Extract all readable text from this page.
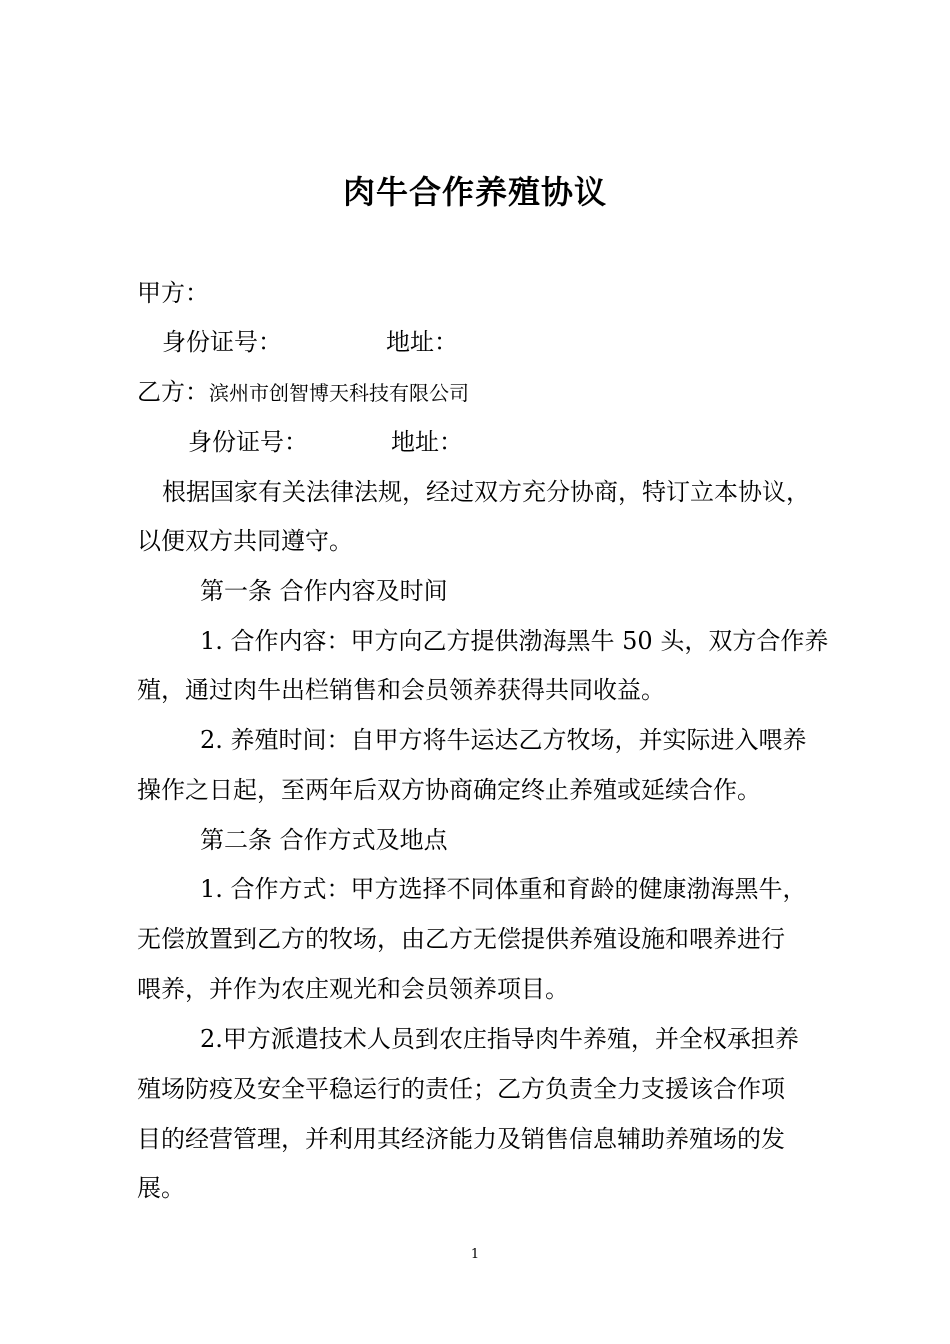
肉牛合作养殖协议
甲方：
身份证号：	地址：
乙方：滨州市创智博天科技有限公司
身份证号：	地址：
根据国家有关法律法规，经过双方充分协商，特订立本协议，
以便双方共同遵守。
第一条 合作内容及时间
1. 合作内容：甲方向乙方提供渤海黑牛 50 头，双方合作养
殖，通过肉牛出栏销售和会员领养获得共同收益。
2. 养殖时间：自甲方将牛运达乙方牧场，并实际进入喂养
操作之日起，至两年后双方协商确定终止养殖或延续合作。
第二条 合作方式及地点
1. 合作方式：甲方选择不同体重和育龄的健康渤海黑牛，
无偿放置到乙方的牧场，由乙方无偿提供养殖设施和喂养进行
喂养，并作为农庄观光和会员领养项目。
2.甲方派遣技术人员到农庄指导肉牛养殖，并全权承担养
殖场防疫及安全平稳运行的责任；乙方负责全力支援该合作项
目的经营管理，并利用其经济能力及销售信息辅助养殖场的发
展。
1
